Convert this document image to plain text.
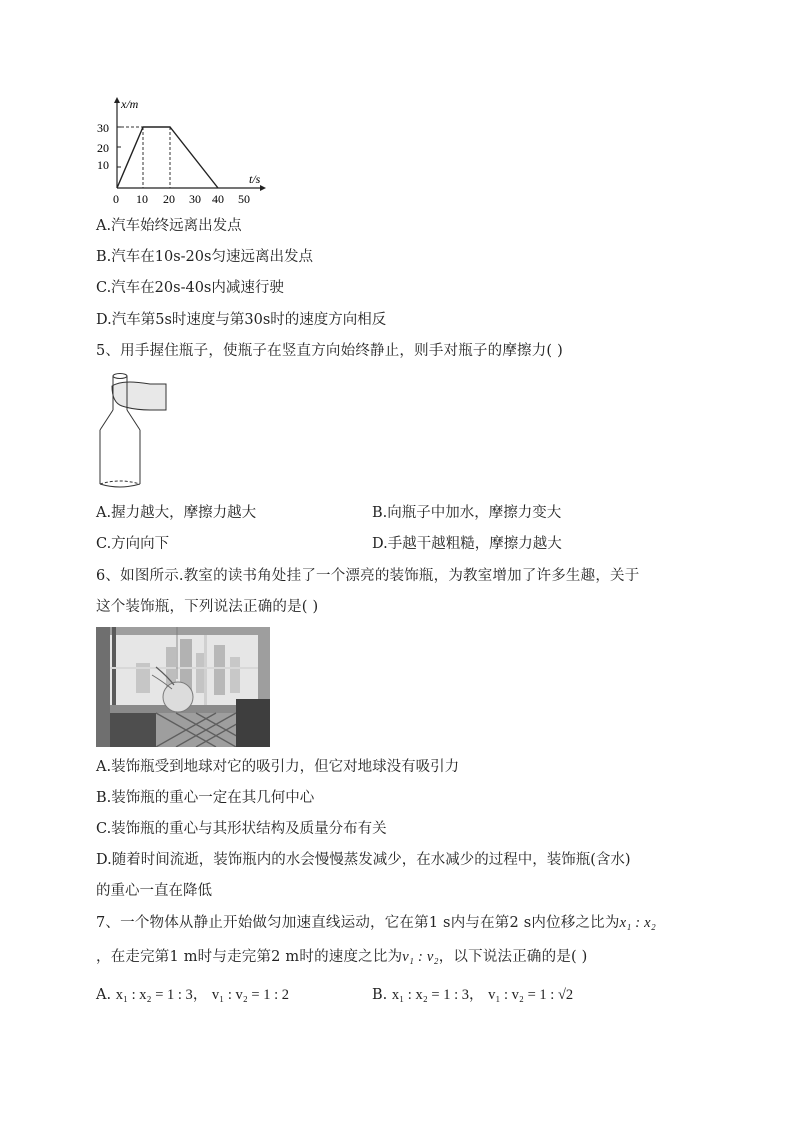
x/m
t/s
30
20
10
0 10 20 30 40 50
A.汽车始终远离出发点
B.汽车在10s-20s匀速远离出发点
C.汽车在20s-40s内减速行驶
D.汽车第5s时速度与第30s时的速度方向相反
5、用手握住瓶子，使瓶子在竖直方向始终静止，则手对瓶子的摩擦力( )
A.握力越大，摩擦力越大	B.向瓶子中加水，摩擦力变大
C.方向向下	D.手越干越粗糙，摩擦力越大
6、如图所示.教室的读书角处挂了一个漂亮的装饰瓶，为教室增加了许多生趣，关于
这个装饰瓶，下列说法正确的是( )
A.装饰瓶受到地球对它的吸引力，但它对地球没有吸引力
B.装饰瓶的重心一定在其几何中心
C.装饰瓶的重心与其形状结构及质量分布有关
D.随着时间流逝，装饰瓶内的水会慢慢蒸发减少，在水减少的过程中，装饰瓶(含水)
的重心一直在降低
7、一个物体从静止开始做匀加速直线运动，它在第1 s内与在第2 s内位移之比为x₁ : x₂
，在走完第1 m时与走完第2 m时的速度之比为v₁ : v₂，以下说法正确的是( )
A. x₁ : x₂ = 1 : 3， v₁ : v₂ = 1 : 2	B. x₁ : x₂ = 1 : 3， v₁ : v₂ = 1 : √2
